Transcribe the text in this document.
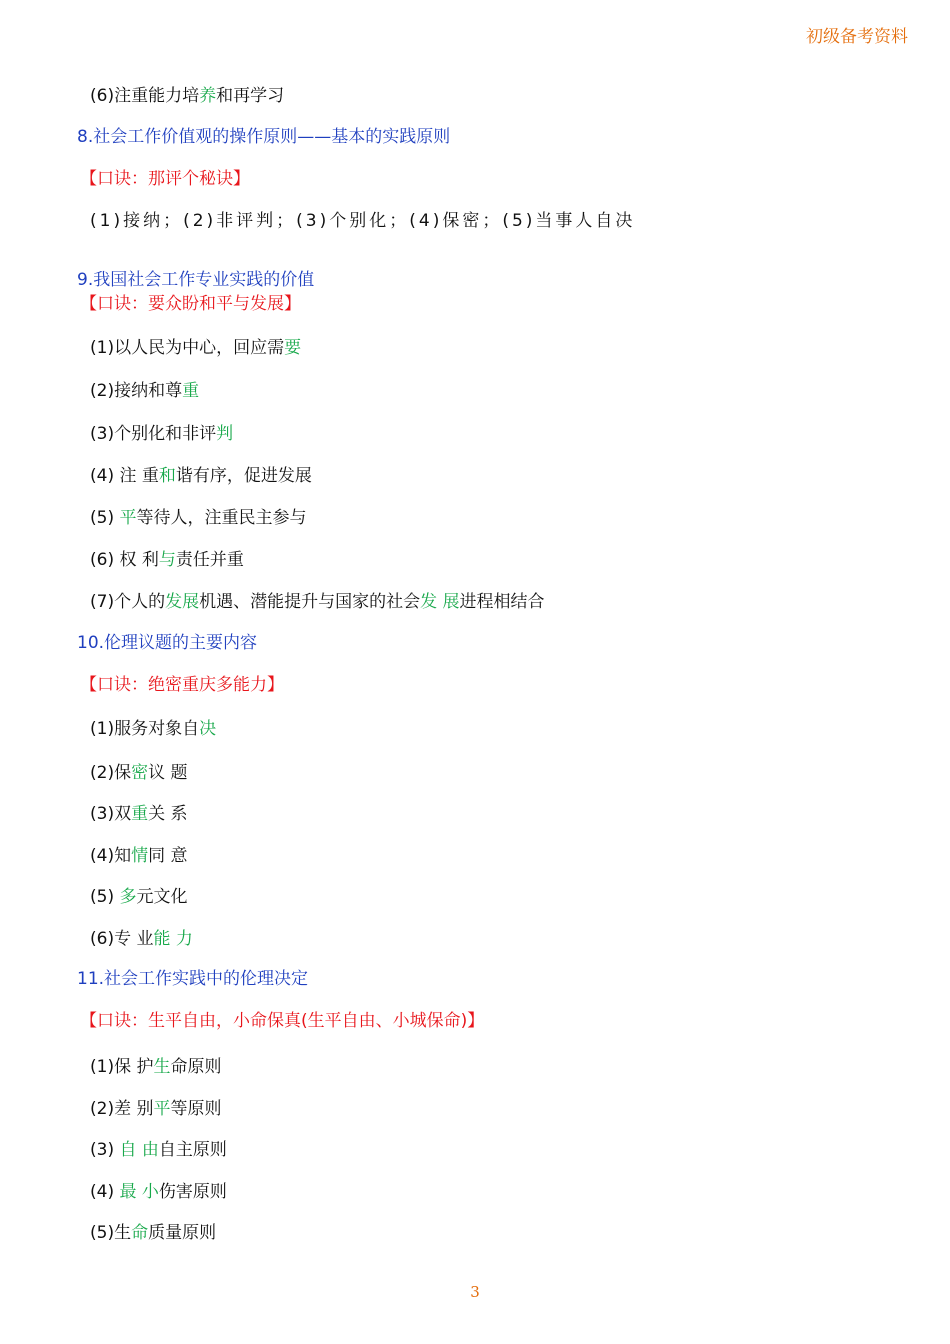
初级备考资料
(6)注重能力培养和再学习
8.社会工作价值观的操作原则——基本的实践原则
【口诀：那评个秘诀】
(1)接纳；(2)非评判；(3)个别化；(4)保密；(5)当事人自决
9.我国社会工作专业实践的价值
【口诀：要众盼和平与发展】
(1)以人民为中心，回应需要
(2)接纳和尊重
(3)个别化和非评判
(4) 注 重和谐有序，促进发展
(5) 平等待人，注重民主参与
(6) 权 利与责任并重
(7)个人的发展机遇、潜能提升与国家的社会发 展进程相结合
10.伦理议题的主要内容
【口诀：绝密重庆多能力】
(1)服务对象自决
(2)保密议 题
(3)双重关 系
(4)知情同 意
(5) 多元文化
(6)专 业能 力
11.社会工作实践中的伦理决定
【口诀：生平自由，小命保真(生平自由、小城保命)】
(1)保 护生命原则
(2)差 别平等原则
(3) 自 由自主原则
(4) 最 小伤害原则
(5)生命质量原则
3
